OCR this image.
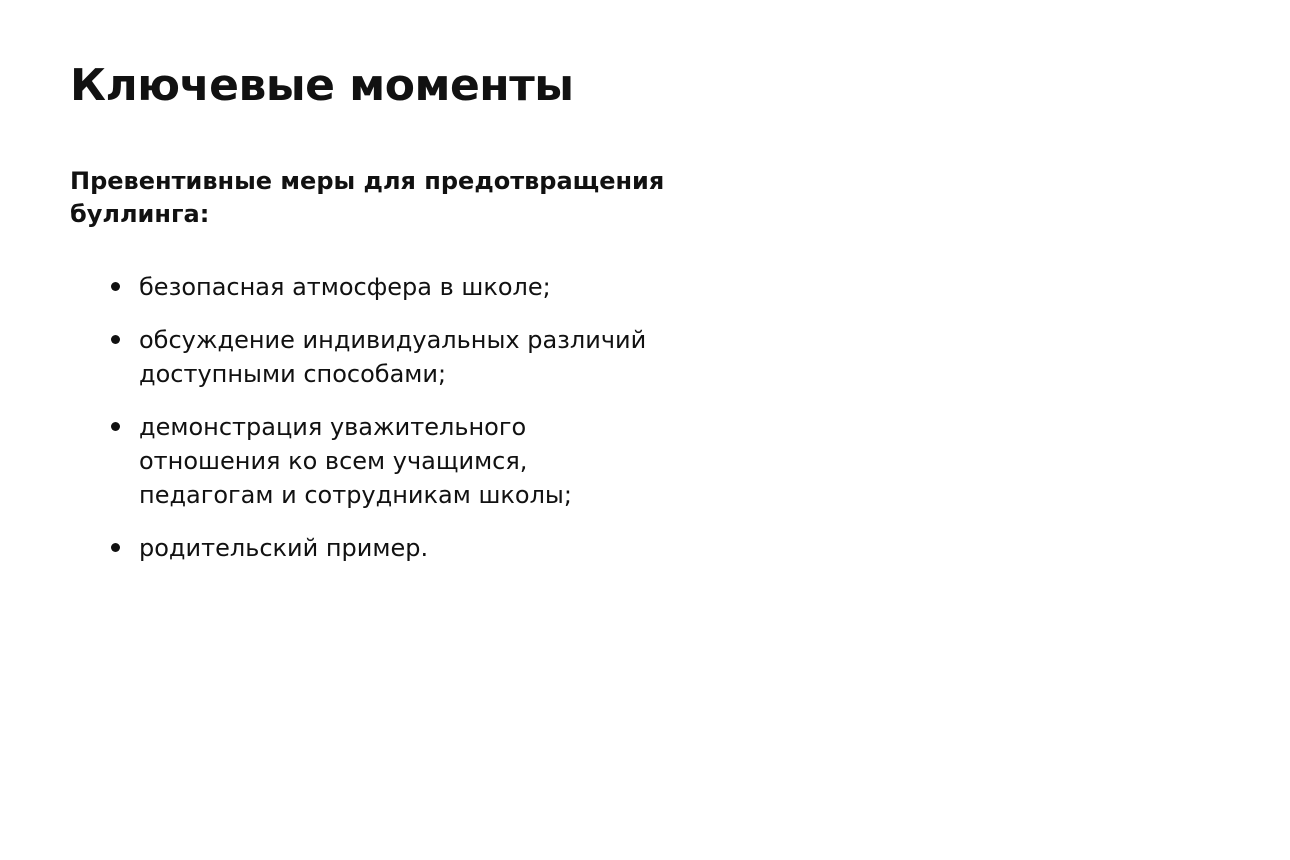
Ключевые моменты

Превентивные меры для предотвращения буллинга:

безопасная атмосфера в школе;
обсуждение индивидуальных различий доступными способами;
демонстрация уважительного отношения ко всем учащимся, педагогам и сотрудникам школы;
родительский пример.
